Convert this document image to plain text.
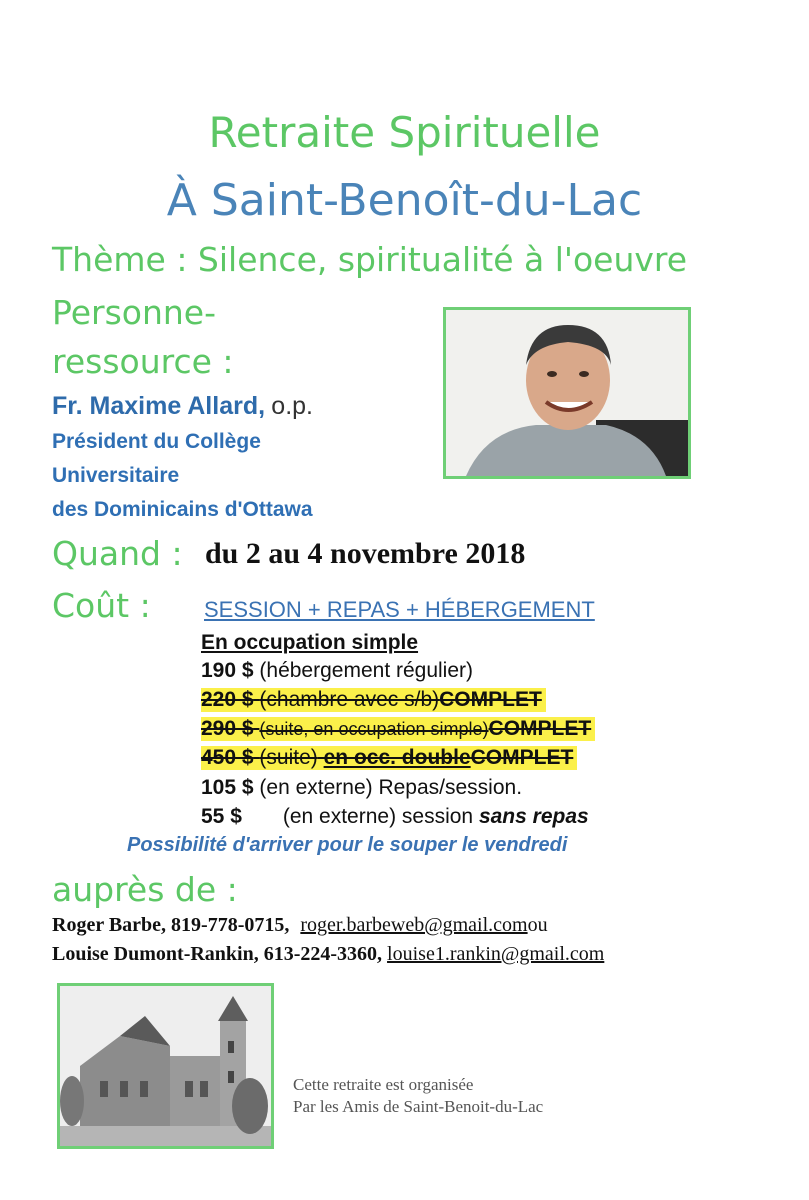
Retraite Spirituelle
À Saint-Benoît-du-Lac
Thème : Silence, spiritualité à l'oeuvre
Personne-
ressource :
Fr. Maxime Allard, o.p.
Président du Collège
Universitaire
des Dominicains d'Ottawa
Quand : du 2 au 4 novembre 2018
Coût : SESSION + REPAS + HÉBERGEMENT
En occupation simple
190 $ (hébergement régulier)
220 $ (chambre avec s/b)COMPLET
290 $ (suite, en occupation simple)COMPLET
450 $ (suite) en occ. doubleCOMPLET
105 $ (en externe) Repas/session.
55 $ (en externe) session sans repas
Possibilité d'arriver pour le souper le vendredi
auprès de :
Roger Barbe, 819-778-0715, roger.barbeweb@gmail.comou
Louise Dumont-Rankin, 613-224-3360, louise1.rankin@gmail.com
Cette retraite est organisée
Par les Amis de Saint-Benoit-du-Lac
